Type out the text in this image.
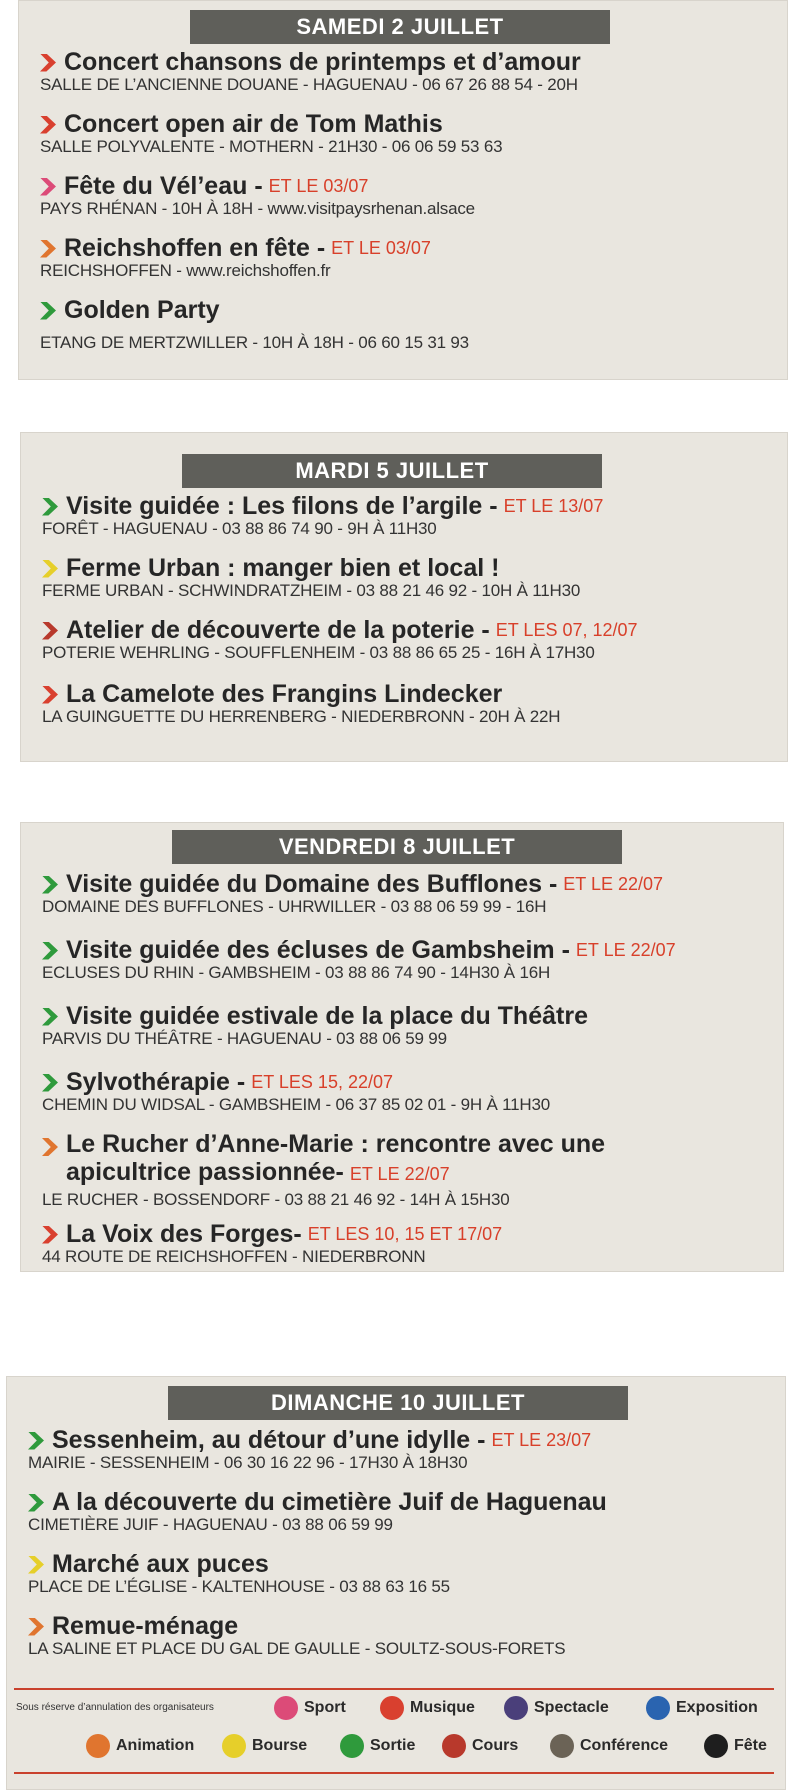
SAMEDI 2 JUILLET
Concert chansons de printemps et d’amour
SALLE DE L’ANCIENNE DOUANE - HAGUENAU - 06 67 26 88 54 - 20H
Concert open air de Tom Mathis
SALLE POLYVALENTE - MOTHERN - 21H30 - 06 06 59 53 63
Fête du Vél’eau - ET LE 03/07
PAYS RHÉNAN - 10H À 18H - www.visitpaysrhenan.alsace
Reichshoffen en fête - ET LE 03/07
REICHSHOFFEN - www.reichshoffen.fr
Golden Party
ETANG DE MERTZWILLER - 10H À 18H - 06 60 15 31 93
MARDI 5 JUILLET
Visite guidée : Les filons de l’argile - ET LE 13/07
FORÊT - HAGUENAU - 03 88 86 74 90 - 9H À 11H30
Ferme Urban : manger bien et local !
FERME URBAN - SCHWINDRATZHEIM - 03 88 21 46 92 - 10H À 11H30
Atelier de découverte de la poterie - ET LES 07, 12/07
POTERIE WEHRLING - SOUFFLENHEIM - 03 88 86 65 25 - 16H À 17H30
La Camelote des Frangins Lindecker
LA GUINGUETTE DU HERRENBERG - NIEDERBRONN - 20H À 22H
VENDREDI 8 JUILLET
Visite guidée du Domaine des Bufflones - ET LE 22/07
DOMAINE DES BUFFLONES - UHRWILLER - 03 88 06 59 99 - 16H
Visite guidée des écluses de Gambsheim - ET LE 22/07
ECLUSES DU RHIN - GAMBSHEIM - 03 88 86 74 90 - 14H30 À 16H
Visite guidée estivale de la place du Théâtre
PARVIS DU THÉÂTRE - HAGUENAU - 03 88 06 59 99
Sylvothérapie - ET LES 15, 22/07
CHEMIN DU WIDSAL - GAMBSHEIM - 06 37 85 02 01 - 9H À 11H30
Le Rucher d’Anne-Marie : rencontre avec une apicultrice passionnée- ET LE 22/07
LE RUCHER - BOSSENDORF - 03 88 21 46 92 - 14H À 15H30
La Voix des Forges- ET LES 10, 15 ET 17/07
44 ROUTE DE REICHSHOFFEN - NIEDERBRONN
DIMANCHE 10 JUILLET
Sessenheim, au détour d’une idylle - ET LE 23/07
MAIRIE - SESSENHEIM - 06 30 16 22 96 - 17H30 À 18H30
A la découverte du cimetière Juif de Haguenau
CIMETIÈRE JUIF - HAGUENAU - 03 88 06 59 99
Marché aux puces
PLACE DE L’ÉGLISE - KALTENHOUSE - 03 88 63 16 55
Remue-ménage
LA SALINE ET PLACE DU GAL DE GAULLE - SOULTZ-SOUS-FORETS
Sous réserve d’annulation des organisateurs	Sport	Musique	Spectacle	Exposition
Animation	Bourse	Sortie	Cours	Conférence	Fête
